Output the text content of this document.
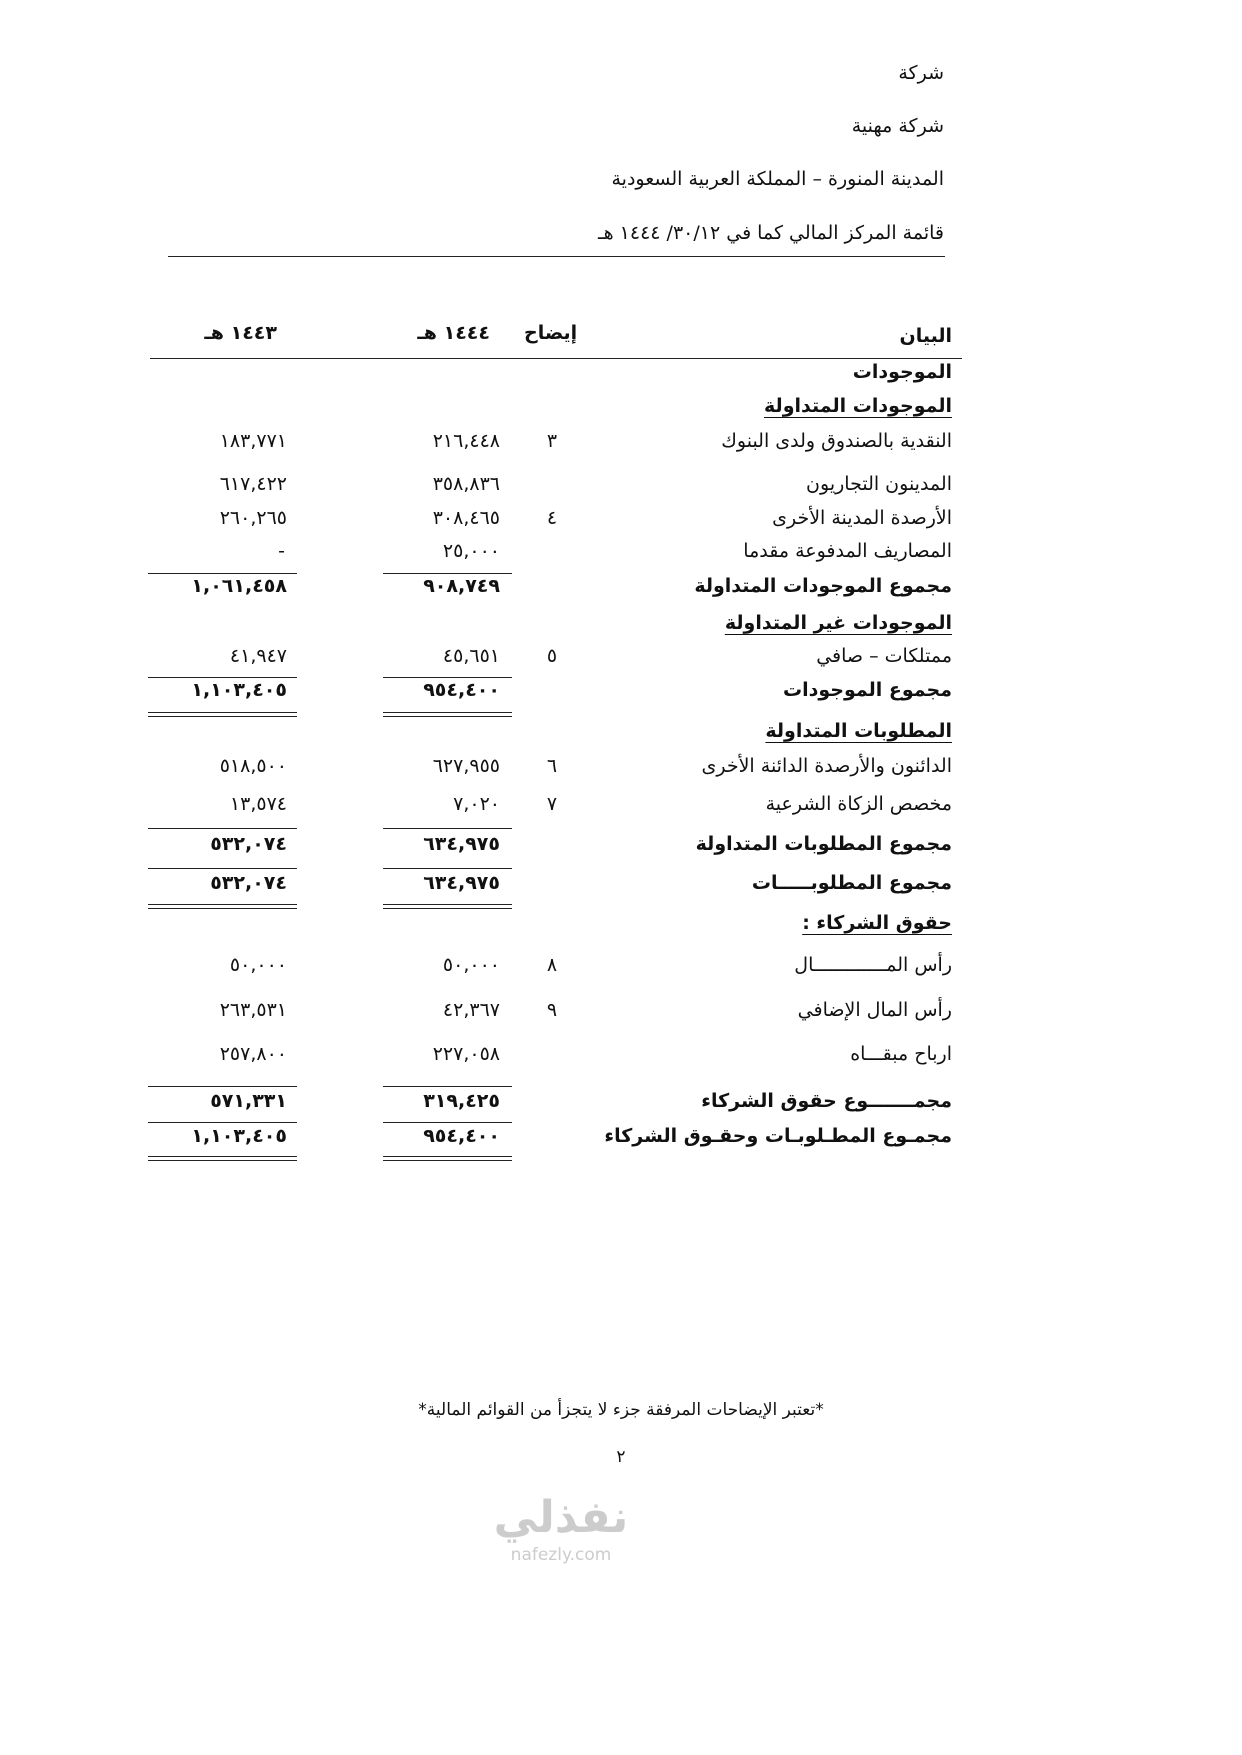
شركة
شركة مهنية
المدينة المنورة – المملكة العربية السعودية
قائمة المركز المالي كما في ٣٠/١٢/ ١٤٤٤ هـ
البيان
إيضاح
١٤٤٤ هـ
١٤٤٣ هـ
الموجودات
الموجودات المتداولة
النقدية بالصندوق ولدى البنوك
٣
٢١٦,٤٤٨
١٨٣,٧٧١
المدينون التجاريون
٣٥٨,٨٣٦
٦١٧,٤٢٢
الأرصدة المدينة الأخرى
٤
٣٠٨,٤٦٥
٢٦٠,٢٦٥
المصاريف المدفوعة مقدما
٢٥,٠٠٠
-
مجموع الموجودات المتداولة
٩٠٨,٧٤٩
١,٠٦١,٤٥٨
الموجودات غير المتداولة
ممتلكات – صافي
٥
٤٥,٦٥١
٤١,٩٤٧
مجموع الموجودات
٩٥٤,٤٠٠
١,١٠٣,٤٠٥
المطلوبات المتداولة
الدائنون والأرصدة الدائنة الأخرى
٦
٦٢٧,٩٥٥
٥١٨,٥٠٠
مخصص الزكاة الشرعية
٧
٧,٠٢٠
١٣,٥٧٤
مجموع المطلوبات المتداولة
٦٣٤,٩٧٥
٥٣٢,٠٧٤
مجموع المطلوبـــــات
٦٣٤,٩٧٥
٥٣٢,٠٧٤
حقوق الشركاء :
رأس المـــــــــــــال
٨
٥٠,٠٠٠
٥٠,٠٠٠
رأس المال الإضافي
٩
٤٢,٣٦٧
٢٦٣,٥٣١
ارباح مبقـــاه
٢٢٧,٠٥٨
٢٥٧,٨٠٠
مجمـــــــوع حقوق الشركاء
٣١٩,٤٢٥
٥٧١,٣٣١
مجمـوع المطـلوبـات وحقـوق الشركاء
٩٥٤,٤٠٠
١,١٠٣,٤٠٥
*تعتبر الإيضاحات المرفقة جزء لا يتجزأ من القوائم المالية*
٢
نفذلي
nafezly.com
